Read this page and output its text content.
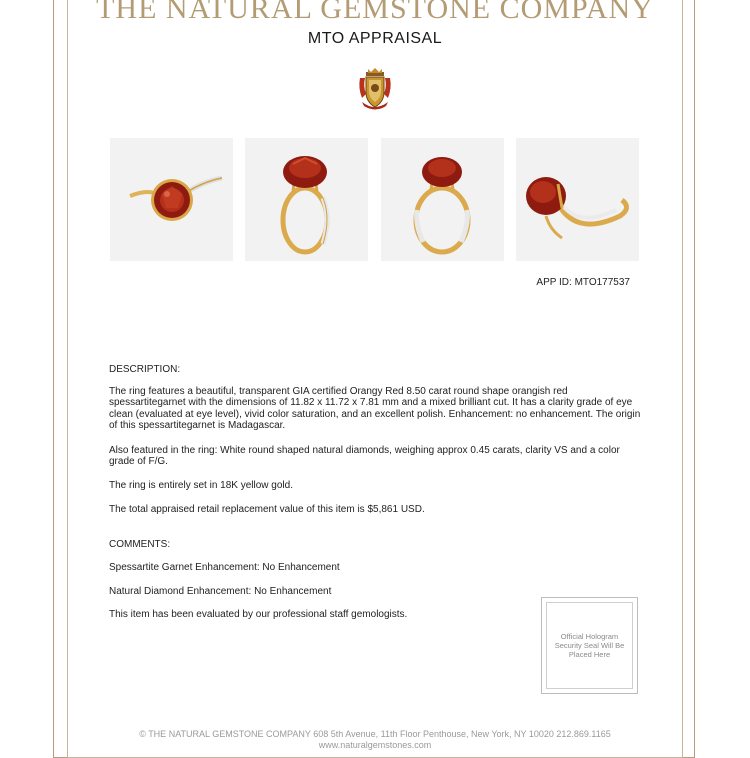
THE NATURAL GEMSTONE COMPANY
MTO APPRAISAL
APP ID: MTO177537
DESCRIPTION:
The ring features a beautiful, transparent GIA certified Orangy Red 8.50 carat round shape orangish red spessartitegarnet with the dimensions of 11.82 x 11.72 x 7.81 mm and a mixed brilliant cut. It has a clarity grade of eye clean (evaluated at eye level), vivid color saturation, and an excellent polish. Enhancement: no enhancement. The origin of this spessartitegarnet is Madagascar.
Also featured in the ring: White round shaped natural diamonds, weighing approx 0.45 carats, clarity VS and a color grade of F/G.
The ring is entirely set in 18K yellow gold.
The total appraised retail replacement value of this item is $5,861 USD.
COMMENTS:
Spessartite Garnet Enhancement: No Enhancement
Natural Diamond Enhancement: No Enhancement
This item has been evaluated by our professional staff gemologists.
Official Hologram Security Seal Will Be Placed Here
© THE NATURAL GEMSTONE COMPANY 608 5th Avenue, 11th Floor Penthouse, New York, NY 10020 212.869.1165
www.naturalgemstones.com
